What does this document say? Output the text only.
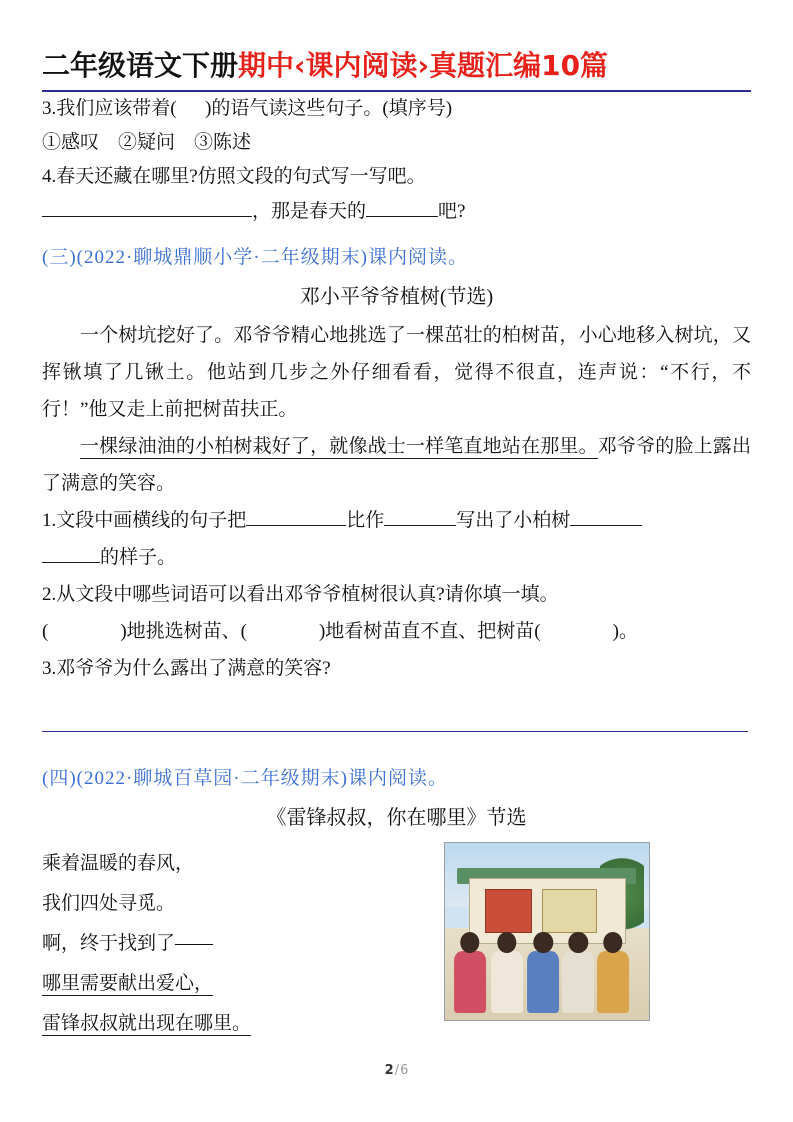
二年级语文下册 期中‹课内阅读›真题汇编10篇

3.我们应该带着(      )的语气读这些句子。(填序号)

①感叹　②疑问　③陈述

4.春天还藏在哪里?仿照文段的句式写一写吧。

，那是春天的	吧?

(三)(2022·聊城鼎顺小学·二年级期末)课内阅读。

邓小平爷爷植树(节选)

一个树坑挖好了。邓爷爷精心地挑选了一棵茁壮的柏树苗，小心地移入树坑，又挥锹填了几锹土。他站到几步之外仔细看看，觉得不很直，连声说：“不行，不行！”他又走上前把树苗扶正。

一棵绿油油的小柏树栽好了，就像战士一样笔直地站在那里。邓爷爷的脸上露出了满意的笑容。

1.文段中画横线的句子把	比作	写出了小柏树

的样子。

2.从文段中哪些词语可以看出邓爷爷植树很认真?请你填一填。

(	)地挑选树苗、(	)地看树苗直不直、把树苗(	)。

3.邓爷爷为什么露出了满意的笑容?

(四)(2022·聊城百草园·二年级期末)课内阅读。

《雷锋叔叔，你在哪里》节选

乘着温暖的春风，
我们四处寻觅。
啊，终于找到了——
哪里需要献出爱心，
雷锋叔叔就出现在哪里。
2/6
